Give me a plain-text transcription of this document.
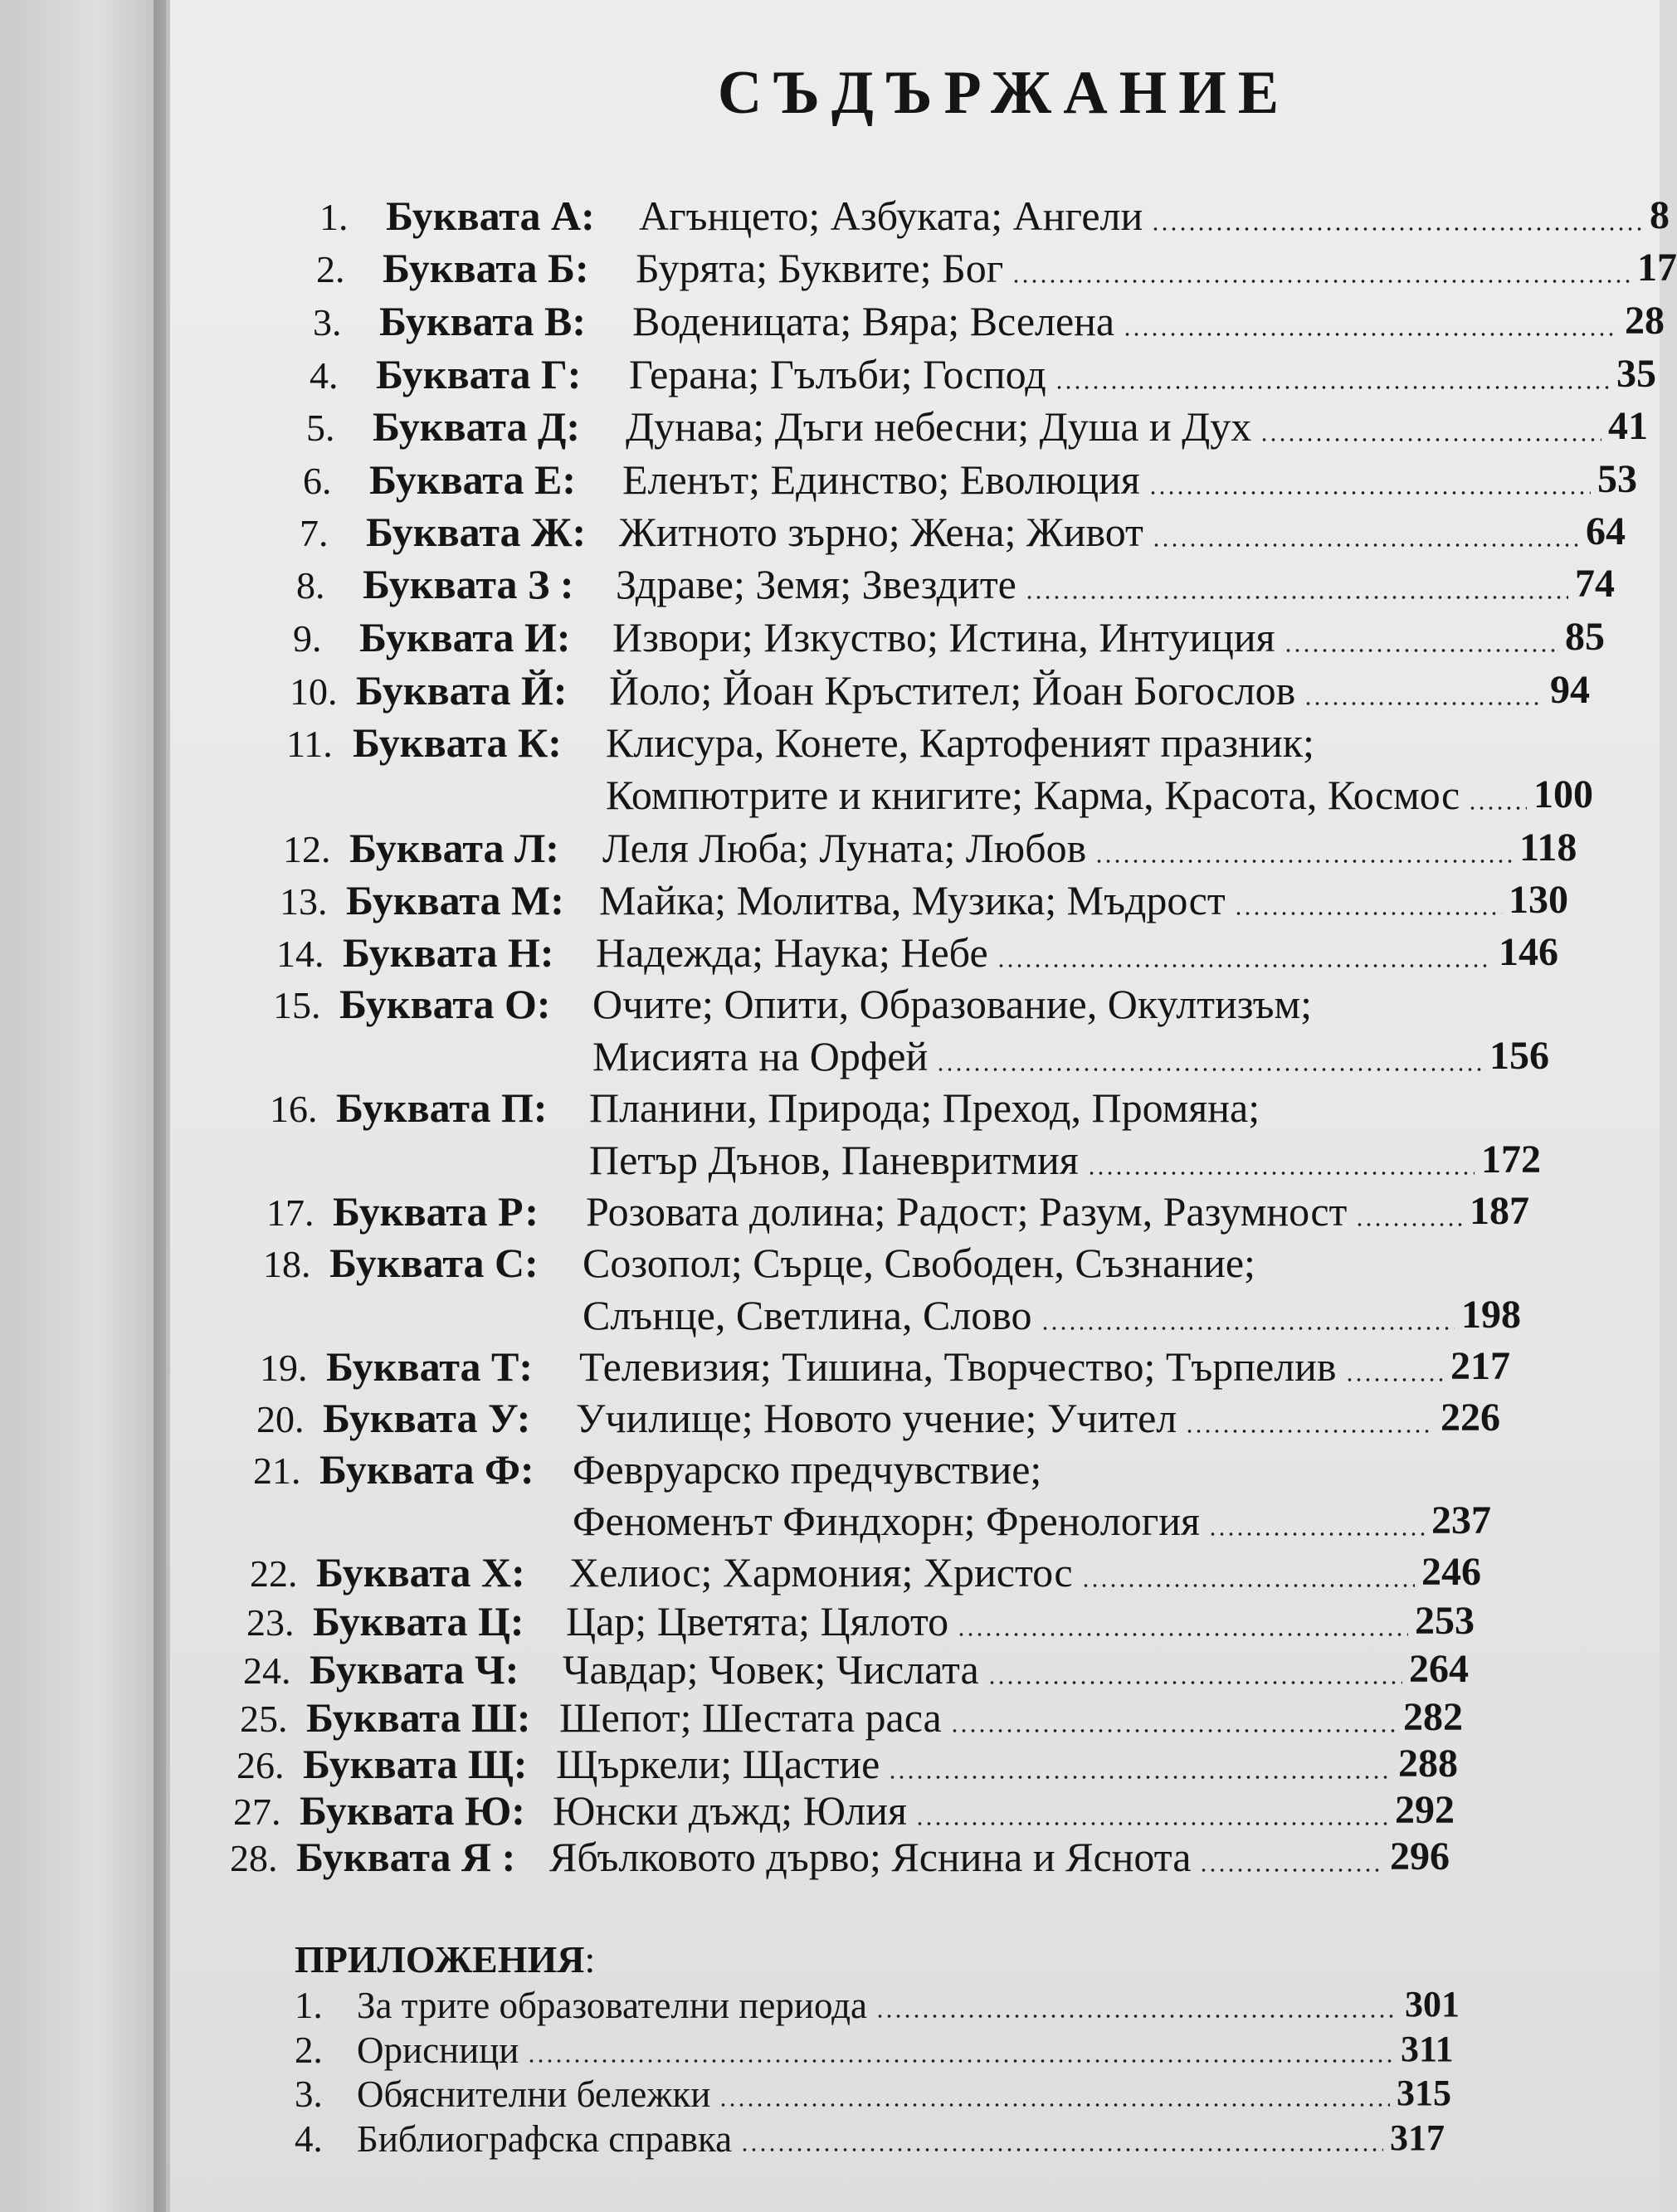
СЪДЪРЖАНИЕ
1. Буквата А: Агънцето; Азбуката; Ангели	8
2. Буквата Б: Бурята; Буквите; Бог	17
3. Буквата В: Воденицата; Вяра; Вселена	28
4. Буквата Г: Герана; Гълъби; Господ	35
5. Буквата Д: Дунава; Дъги небесни; Душа и Дух	41
6. Буквата Е: Еленът; Единство; Еволюция	53
7. Буквата Ж: Житното зърно; Жена; Живот	64
8. Буквата З : Здраве; Земя; Звездите	74
9. Буквата И: Извори; Изкуство; Истина, Интуиция	85
10. Буквата Й: Йоло; Йоан Кръстител; Йоан Богослов	94
11. Буквата К: Клисура, Конете, Картофеният празник;
Компютрите и книгите; Карма, Красота, Космос 100
12. Буквата Л: Леля Люба; Луната; Любов	118
13. Буквата М: Майка; Молитва, Музика; Мъдрост	130
14. Буквата Н: Надежда; Наука; Небе	146
15. Буквата О: Очите; Опити, Образование, Окултизъм;
Мисията на Орфей	156
16. Буквата П: Планини, Природа; Преход, Промяна;
Петър Дънов, Паневритмия	172
17. Буквата Р: Розовата долина; Радост; Разум, Разумност	187
18. Буквата С: Созопол; Сърце, Свободен, Съзнание;
Слънце, Светлина, Слово	198
19. Буквата Т: Телевизия; Тишина, Творчество; Търпелив	217
20. Буквата У: Училище; Новото учение; Учител	226
21. Буквата Ф: Февруарско предчувствие;
Феноменът Финдхорн; Френология	237
22. Буквата Х: Хелиос; Хармония; Христос	246
23. Буквата Ц: Цар; Цветята; Цялото	253
24. Буквата Ч: Чавдар; Човек; Числата	264
25. Буквата Ш: Шепот; Шестата раса	282
26. Буквата Щ: Щъркели; Щастие	288
27. Буквата Ю: Юнски дъжд; Юлия	292
28. Буквата Я : Ябълковото дърво; Яснина и Яснота	296
ПРИЛОЖЕНИЯ:
1. За трите образователни периода	301
2. Орисници	311
3. Обяснителни бележки	315
4. Библиографска справка	317
